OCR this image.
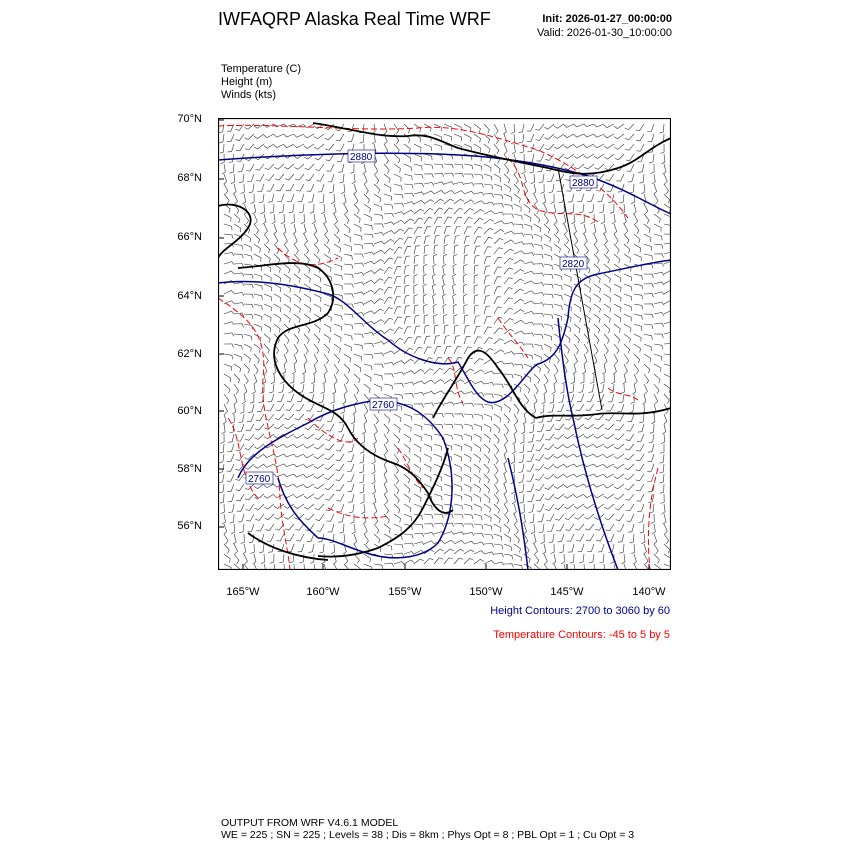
IWFAQRP Alaska Real Time WRF	Init: 2026-01-27_00:00:00
Valid: 2026-01-30_10:00:00
Temperature (C)
Height (m)
Winds (kts)
70°N
68°N
66°N
64°N
62°N
60°N
58°N
56°N
165°W	160°W	155°W	150°W	145°W	140°W
2880
2880
2820
2760
2760
Height Contours: 2700 to 3060 by 60
Temperature Contours: -45 to 5 by 5
OUTPUT FROM WRF V4.6.1 MODEL
WE = 225 ; SN = 225 ; Levels = 38 ; Dis = 8km ; Phys Opt = 8 ; PBL Opt = 1 ; Cu Opt = 3
